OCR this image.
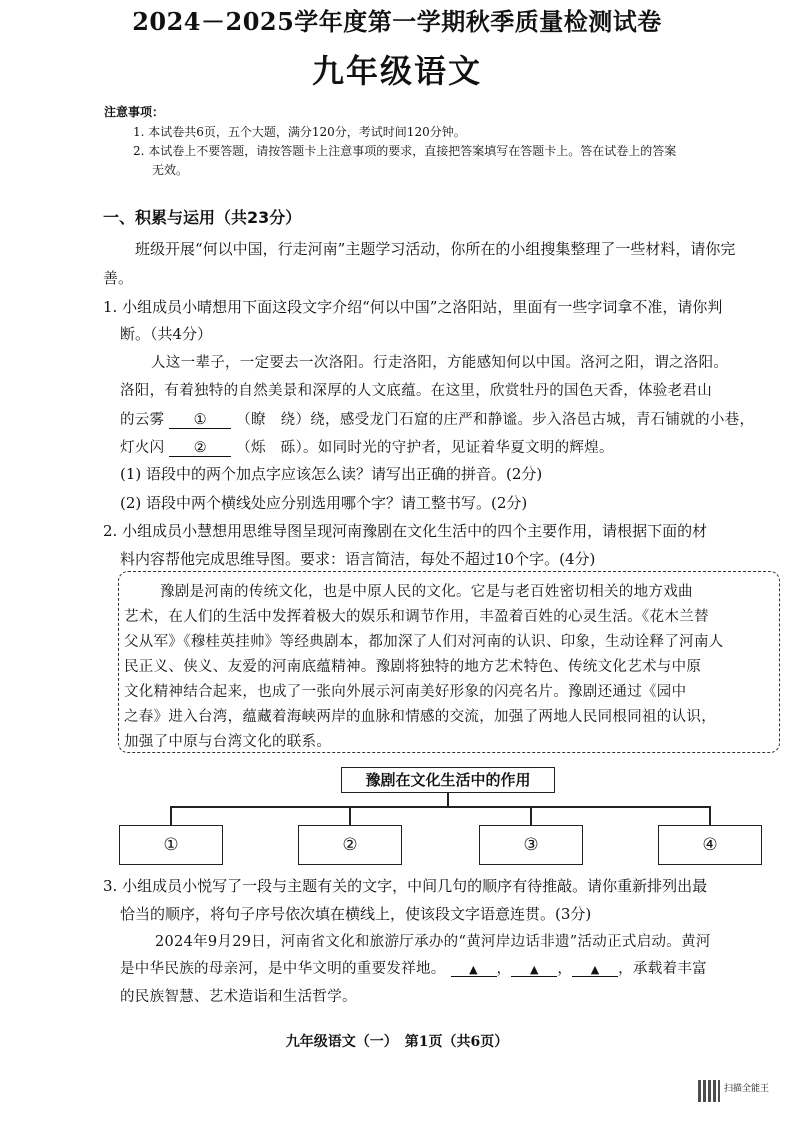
2024－2025学年度第一学期秋季质量检测试卷
九年级语文
注意事项：
1. 本试卷共6页，五个大题，满分120分，考试时间120分钟。
2. 本试卷上不要答题，请按答题卡上注意事项的要求，直接把答案填写在答题卡上。答在试卷上的答案
无效。
一、积累与运用（共23分）
班级开展“何以中国，行走河南”主题学习活动，你所在的小组搜集整理了一些材料，请你完
善。
1. 小组成员小晴想用下面这段文字介绍“何以中国”之洛阳站，里面有一些字词拿不准，请你判
断。（共4分）
人这一辈子，一定要去一次洛阳。行走洛阳，方能感知何以中国。洛河之阳，谓之洛阳。
洛阳，有着独特的自然美景和深厚的人文底蕴。在这里，欣赏牡丹的国色天香，体验老君山
的云雾 ① （瞭　绕）绕，感受龙门石窟的庄严和静谧。步入洛邑古城，青石铺就的小巷，
灯火闪 ② （烁　砾）。如同时光的守护者，见证着华夏文明的辉煌。
(1) 语段中的两个加点字应该怎么读？请写出正确的拼音。(2分)
(2) 语段中两个横线处应分别选用哪个字？请工整书写。(2分)
2. 小组成员小慧想用思维导图呈现河南豫剧在文化生活中的四个主要作用，请根据下面的材
料内容帮他完成思维导图。要求：语言简洁，每处不超过10个字。(4分)
豫剧是河南的传统文化，也是中原人民的文化。它是与老百姓密切相关的地方戏曲
艺术，在人们的生活中发挥着极大的娱乐和调节作用，丰盈着百姓的心灵生活。《花木兰替
父从军》《穆桂英挂帅》等经典剧本，都加深了人们对河南的认识、印象，生动诠释了河南人
民正义、侠义、友爱的河南底蕴精神。豫剧将独特的地方艺术特色、传统文化艺术与中原
文化精神结合起来，也成了一张向外展示河南美好形象的闪亮名片。豫剧还通过《园中
之春》进入台湾，蕴藏着海峡两岸的血脉和情感的交流，加强了两地人民同根同祖的认识，
加强了中原与台湾文化的联系。
豫剧在文化生活中的作用
①	②	③	④
3. 小组成员小悦写了一段与主题有关的文字，中间几句的顺序有待推敲。请你重新排列出最
恰当的顺序，将句子序号依次填在横线上，使该段文字语意连贯。(3分)
2024年9月29日，河南省文化和旅游厅承办的“黄河岸边话非遗”活动正式启动。黄河
是中华民族的母亲河，是中华文明的重要发祥地。 ▲ ， ▲ ， ▲ ，承载着丰富
的民族智慧、艺术造诣和生活哲学。
九年级语文（一）　第1页（共6页）
扫描全能王
